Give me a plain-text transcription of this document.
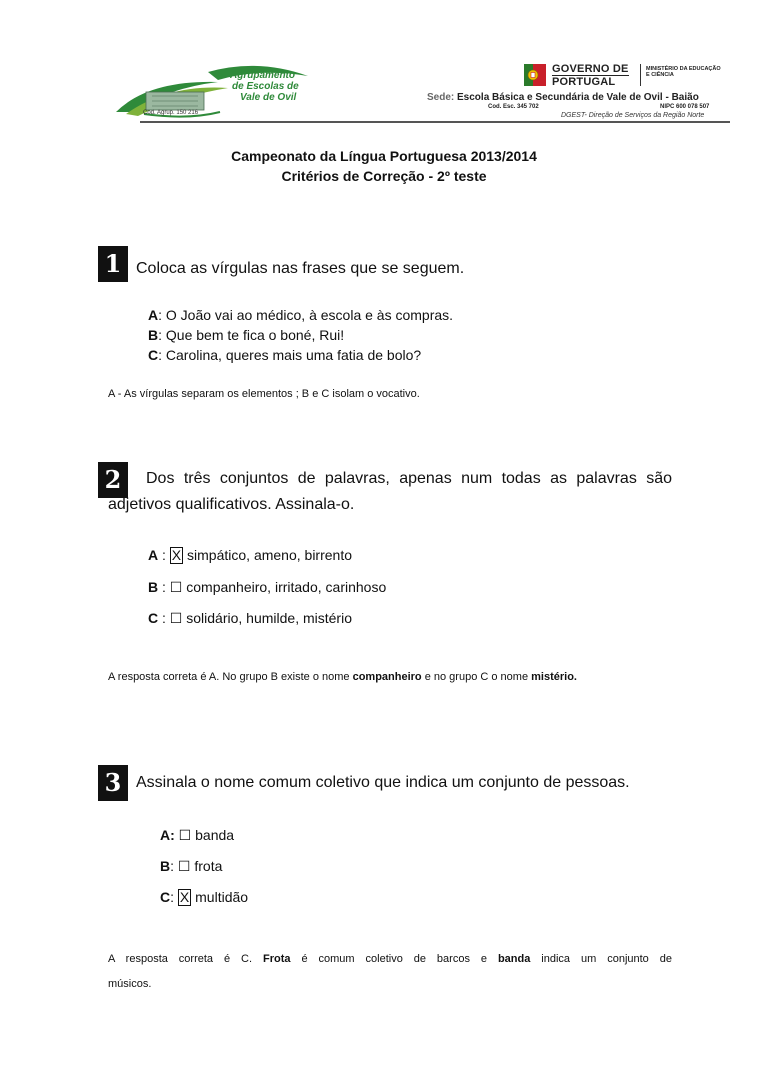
Agrupamento
de Escolas de
Vale de Ovil
Cod. Agrup. 150 216
GOVERNO DE
PORTUGAL
MINISTÉRIO DA EDUCAÇÃO
E CIÊNCIA
Sede: Escola Básica e Secundária de Vale de Ovil - Baião
Cod. Esc. 345 702	NIPC 600 078 507
DGEST- Direção de Serviços da Região Norte
Campeonato da Língua Portuguesa 2013/2014
Critérios de Correção - 2º teste
1 Coloca as vírgulas nas frases que se seguem.
A: O João vai ao médico, à escola e às compras.
B: Que bem te fica o boné, Rui!
C: Carolina, queres mais uma fatia de bolo?
A - As vírgulas separam os elementos ; B e C isolam o vocativo.
2	Dos três conjuntos de palavras, apenas num todas as palavras são
adjetivos qualificativos. Assinala-o.
A : X simpático, ameno, birrento
B : ☐ companheiro, irritado, carinhoso
C : ☐ solidário, humilde, mistério
A resposta correta é A. No grupo B existe o nome companheiro e no grupo C o nome mistério.
3 Assinala o nome comum coletivo que indica um conjunto de pessoas.
A: ☐ banda
B: ☐ frota
C: X multidão
A resposta correta é C. Frota é comum coletivo de barcos e banda indica um conjunto de
músicos.
